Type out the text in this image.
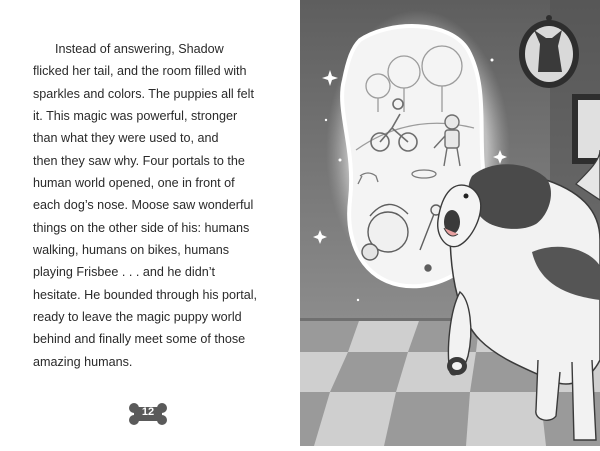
Instead of answering, Shadow
flicked her tail, and the room filled with
sparkles and colors. The puppies all felt
it. This magic was powerful, stronger
than what they were used to, and
then they saw why. Four portals to the
human world opened, one in front of
each dog’s nose. Moose saw wonderful
things on the other side of his: humans
walking, humans on bikes, humans
playing Frisbee . . . and he didn’t
hesitate. He bounded through his portal,
ready to leave the magic puppy world
behind and finally meet some of those
amazing humans.
12
